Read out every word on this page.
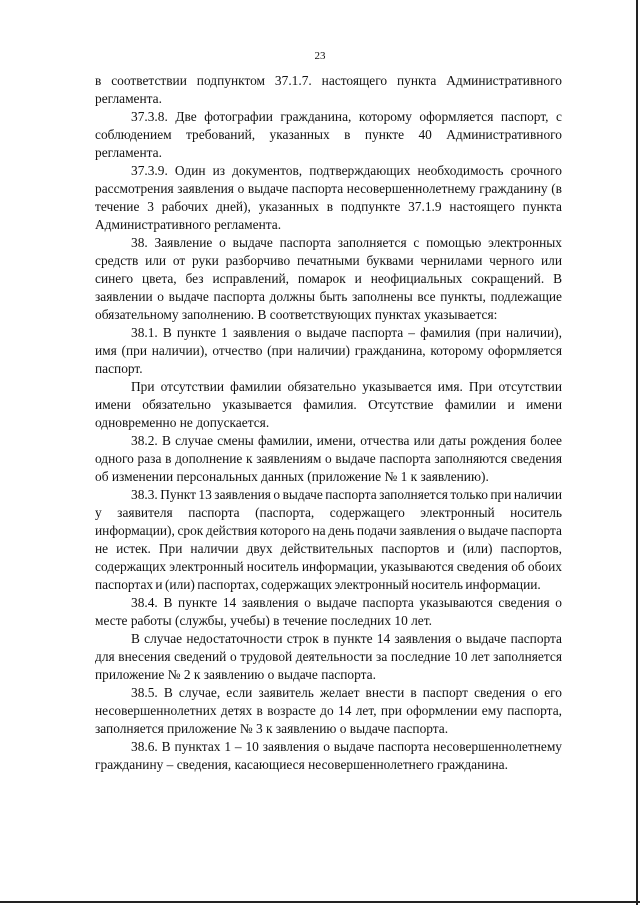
23

в соответствии подпунктом 37.1.7. настоящего пункта Административного регламента.

37.3.8. Две фотографии гражданина, которому оформляется паспорт, с соблюдением требований, указанных в пункте 40 Административного регламента.

37.3.9. Один из документов, подтверждающих необходимость срочного рассмотрения заявления о выдаче паспорта несовершеннолетнему гражданину (в течение 3 рабочих дней), указанных в подпункте 37.1.9 настоящего пункта Административного регламента.

38. Заявление о выдаче паспорта заполняется с помощью электронных средств или от руки разборчиво печатными буквами чернилами черного или синего цвета, без исправлений, помарок и неофициальных сокращений. В заявлении о выдаче паспорта должны быть заполнены все пункты, подлежащие обязательному заполнению. В соответствующих пунктах указывается:

38.1. В пункте 1 заявления о выдаче паспорта – фамилия (при наличии), имя (при наличии), отчество (при наличии) гражданина, которому оформляется паспорт.

При отсутствии фамилии обязательно указывается имя. При отсутствии имени обязательно указывается фамилия. Отсутствие фамилии и имени одновременно не допускается.

38.2. В случае смены фамилии, имени, отчества или даты рождения более одного раза в дополнение к заявлениям о выдаче паспорта заполняются сведения об изменении персональных данных (приложение № 1 к заявлению).

38.3. Пункт 13 заявления о выдаче паспорта заполняется только при наличии у заявителя паспорта (паспорта, содержащего электронный носитель информации), срок действия которого на день подачи заявления о выдаче паспорта не истек. При наличии двух действительных паспортов и (или) паспортов, содержащих электронный носитель информации, указываются сведения об обоих паспортах и (или) паспортах, содержащих электронный носитель информации.

38.4. В пункте 14 заявления о выдаче паспорта указываются сведения о месте работы (службы, учебы) в течение последних 10 лет.

В случае недостаточности строк в пункте 14 заявления о выдаче паспорта для внесения сведений о трудовой деятельности за последние 10 лет заполняется приложение № 2 к заявлению о выдаче паспорта.

38.5. В случае, если заявитель желает внести в паспорт сведения о его несовершеннолетних детях в возрасте до 14 лет, при оформлении ему паспорта, заполняется приложение № 3 к заявлению о выдаче паспорта.

38.6. В пунктах 1 – 10 заявления о выдаче паспорта несовершеннолетнему гражданину – сведения, касающиеся несовершеннолетнего гражданина.
